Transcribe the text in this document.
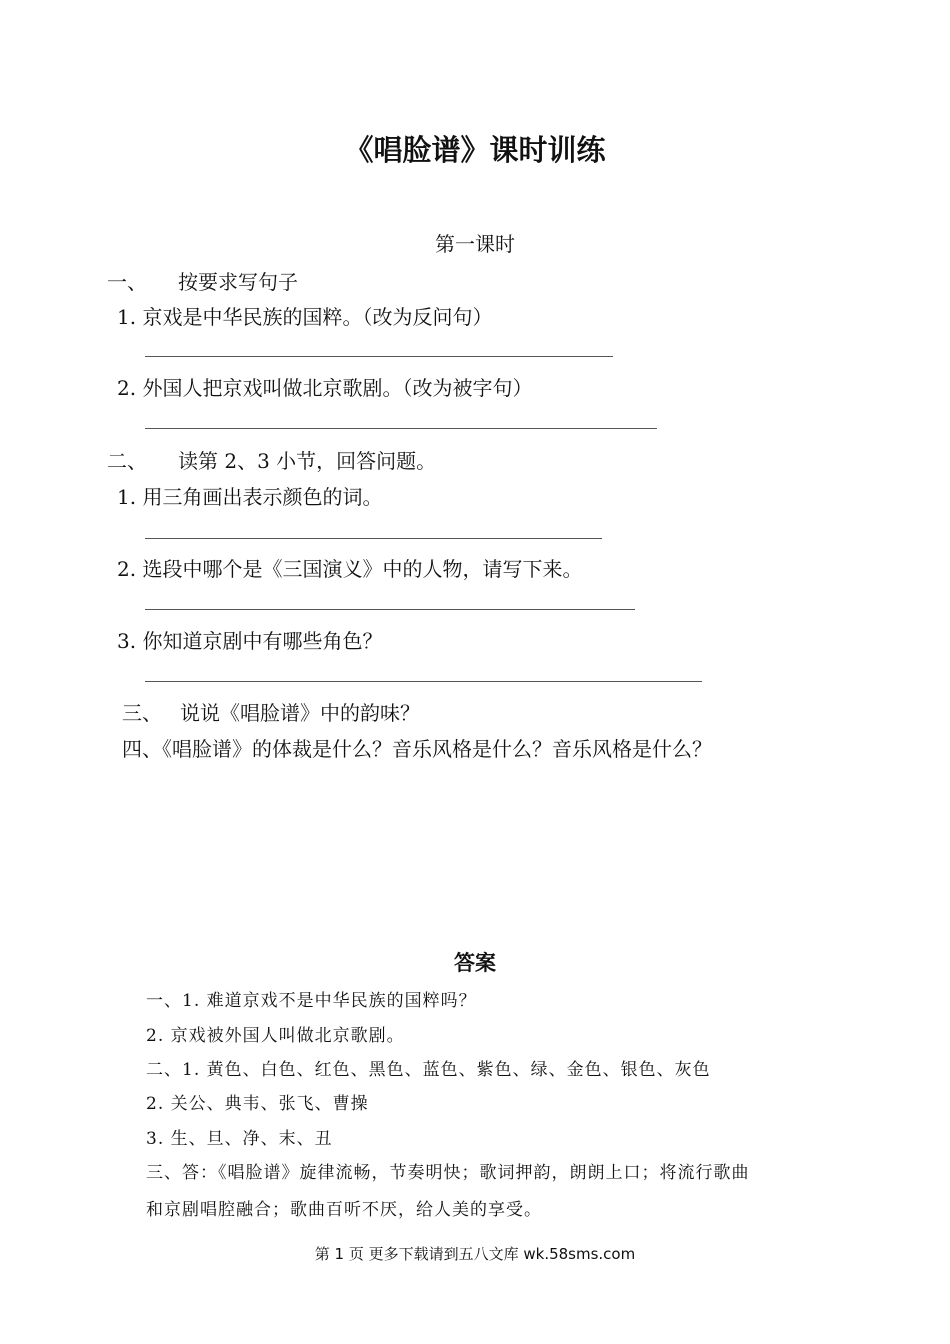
《唱脸谱》课时训练
第一课时
一、 按要求写句子
1. 京戏是中华民族的国粹。（改为反问句）
2. 外国人把京戏叫做北京歌剧。（改为被字句）
二、 读第 2、3 小节，回答问题。
1. 用三角画出表示颜色的词。
2. 选段中哪个是《三国演义》中的人物，请写下来。
3. 你知道京剧中有哪些角色？
三、 说说《唱脸谱》中的韵味？
四、《唱脸谱》的体裁是什么？音乐风格是什么？音乐风格是什么？
答案
一、1. 难道京戏不是中华民族的国粹吗？
2. 京戏被外国人叫做北京歌剧。
二、1. 黄色、白色、红色、黑色、蓝色、紫色、绿、金色、银色、灰色
2. 关公、典韦、张飞、曹操
3. 生、旦、净、末、丑
三、答：《唱脸谱》旋律流畅，节奏明快；歌词押韵，朗朗上口；将流行歌曲
和京剧唱腔融合；歌曲百听不厌，给人美的享受。
第 1 页 更多下载请到五八文库 wk.58sms.com
